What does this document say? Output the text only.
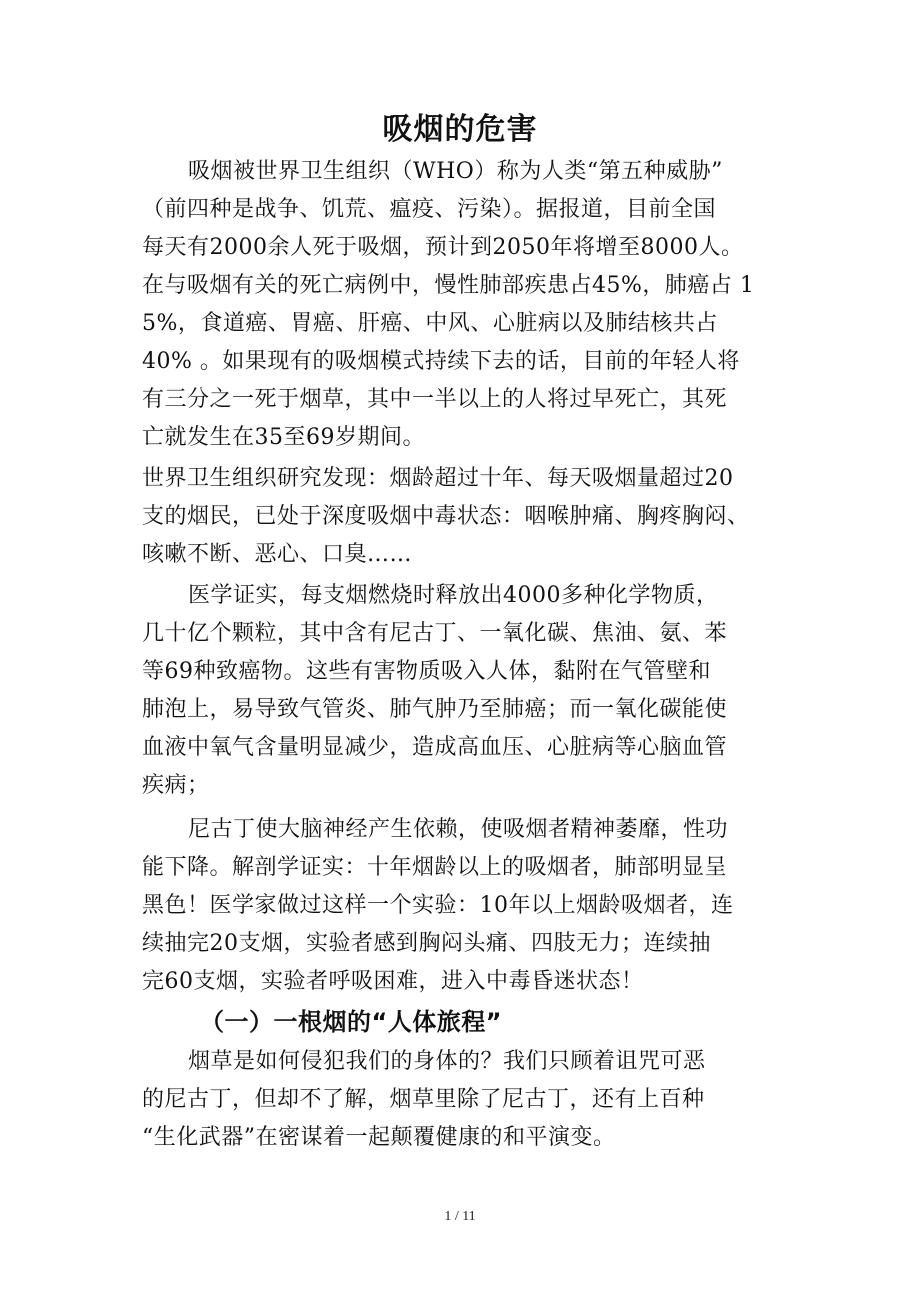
吸烟的危害
吸烟被世界卫生组织（WHO）称为人类“第五种威胁”
（前四种是战争、饥荒、瘟疫、污染）。据报道，目前全国
每天有2000余人死于吸烟，预计到2050年将增至8000人。
在与吸烟有关的死亡病例中，慢性肺部疾患占45%，肺癌占 1
5%，食道癌、胃癌、肝癌、中风、心脏病以及肺结核共占
40% 。如果现有的吸烟模式持续下去的话，目前的年轻人将
有三分之一死于烟草，其中一半以上的人将过早死亡，其死
亡就发生在35至69岁期间。
世界卫生组织研究发现：烟龄超过十年、每天吸烟量超过20
支的烟民，已处于深度吸烟中毒状态：咽喉肿痛、胸疼胸闷、
咳嗽不断、恶心、口臭……
医学证实，每支烟燃烧时释放出4000多种化学物质，
几十亿个颗粒，其中含有尼古丁、一氧化碳、焦油、氨、苯
等69种致癌物。这些有害物质吸入人体，黏附在气管壁和
肺泡上，易导致气管炎、肺气肿乃至肺癌；而一氧化碳能使
血液中氧气含量明显减少，造成高血压、心脏病等心脑血管
疾病；
尼古丁使大脑神经产生依赖，使吸烟者精神萎靡，性功
能下降。解剖学证实：十年烟龄以上的吸烟者，肺部明显呈
黑色！医学家做过这样一个实验：10年以上烟龄吸烟者，连
续抽完20支烟，实验者感到胸闷头痛、四肢无力；连续抽
完60支烟，实验者呼吸困难，进入中毒昏迷状态！
（一）一根烟的“人体旅程”
烟草是如何侵犯我们的身体的？我们只顾着诅咒可恶
的尼古丁，但却不了解，烟草里除了尼古丁，还有上百种
“生化武器”在密谋着一起颠覆健康的和平演变。
1 / 11
